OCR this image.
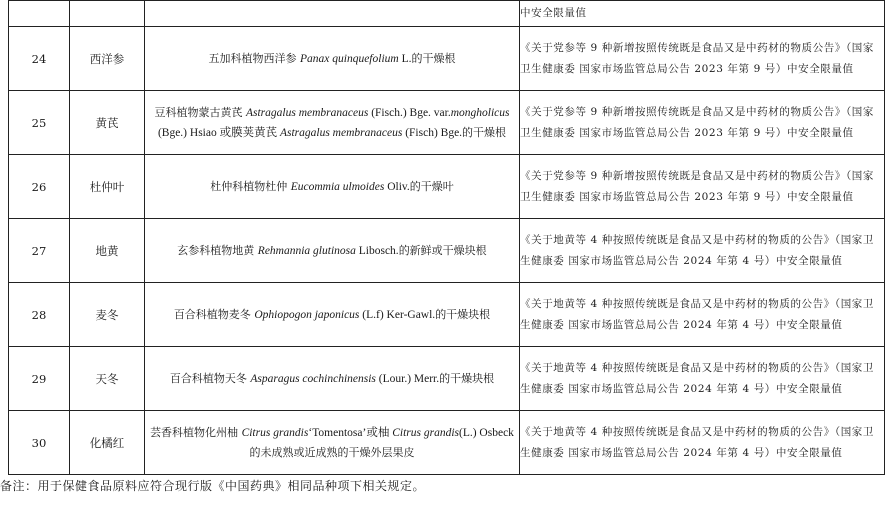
			中安全限量值
24	西洋参	五加科植物西洋参 Panax quinquefolium L.的干燥根	《关于党参等 9 种新增按照传统既是食品又是中药材的物质公告》（国家卫生健康委 国家市场监管总局公告 2023 年第 9 号）中安全限量值
25	黄芪	豆科植物蒙古黄芪 Astragalus membranaceus (Fisch.) Bge. var.mongholicus (Bge.) Hsiao 或膜荚黄芪 Astragalus membranaceus (Fisch) Bge.的干燥根	《关于党参等 9 种新增按照传统既是食品又是中药材的物质公告》（国家卫生健康委 国家市场监管总局公告 2023 年第 9 号）中安全限量值
26	杜仲叶	杜仲科植物杜仲 Eucommia ulmoides Oliv.的干燥叶	《关于党参等 9 种新增按照传统既是食品又是中药材的物质公告》（国家卫生健康委 国家市场监管总局公告 2023 年第 9 号）中安全限量值
27	地黄	玄参科植物地黄 Rehmannia glutinosa Libosch.的新鲜或干燥块根	《关于地黄等 4 种按照传统既是食品又是中药材的物质的公告》（国家卫生健康委 国家市场监管总局公告 2024 年第 4 号）中安全限量值
28	麦冬	百合科植物麦冬 Ophiopogon japonicus (L.f) Ker-Gawl.的干燥块根	《关于地黄等 4 种按照传统既是食品又是中药材的物质的公告》（国家卫生健康委 国家市场监管总局公告 2024 年第 4 号）中安全限量值
29	天冬	百合科植物天冬 Asparagus cochinchinensis (Lour.) Merr.的干燥块根	《关于地黄等 4 种按照传统既是食品又是中药材的物质的公告》（国家卫生健康委 国家市场监管总局公告 2024 年第 4 号）中安全限量值
30	化橘红	芸香科植物化州柚 Citrus grandis‘Tomentosa’或柚 Citrus grandis(L.) Osbeck的未成熟或近成熟的干燥外层果皮	《关于地黄等 4 种按照传统既是食品又是中药材的物质的公告》（国家卫生健康委 国家市场监管总局公告 2024 年第 4 号）中安全限量值
备注：用于保健食品原料应符合现行版《中国药典》相同品种项下相关规定。
